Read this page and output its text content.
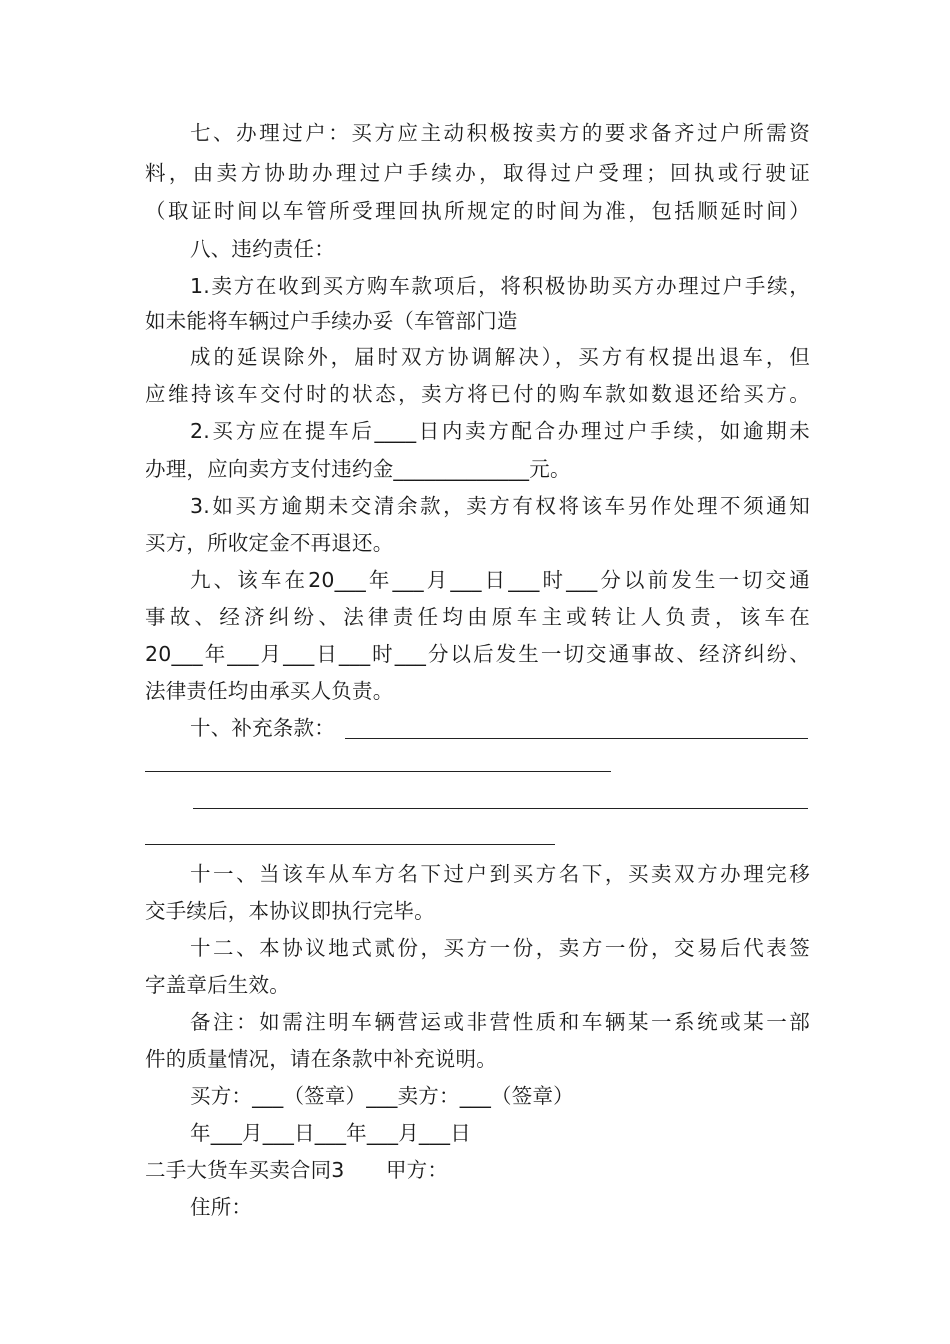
七、办理过户：买方应主动积极按卖方的要求备齐过户所需资
料，由卖方协助办理过户手续办，取得过户受理；回执或行驶证
（取证时间以车管所受理回执所规定的时间为准，包括顺延时间）
八、违约责任：
1.卖方在收到买方购车款项后，将积极协助买方办理过户手续，
如未能将车辆过户手续办妥（车管部门造
成的延误除外，届时双方协调解决），买方有权提出退车，但
应维持该车交付时的状态，卖方将已付的购车款如数退还给买方。
2.买方应在提车后____日内卖方配合办理过户手续，如逾期未
办理，应向卖方支付违约金_____________元。
3.如买方逾期未交清余款，卖方有权将该车另作处理不须通知
买方，所收定金不再退还。
九、该车在20___年___月___日___时___分以前发生一切交通
事故、经济纠纷、法律责任均由原车主或转让人负责，该车在
20___年___月___日___时___分以后发生一切交通事故、经济纠纷、
法律责任均由承买人负责。
十、补充条款：
十一、当该车从车方名下过户到买方名下，买卖双方办理完移
交手续后，本协议即执行完毕。
十二、本协议地式贰份，买方一份，卖方一份，交易后代表签
字盖章后生效。
备注：如需注明车辆营运或非营性质和车辆某一系统或某一部
件的质量情况，请在条款中补充说明。
买方：___（签章）___卖方：___（签章）
年___月___日___年___月___日
二手大货车买卖合同3　　甲方：
住所：
